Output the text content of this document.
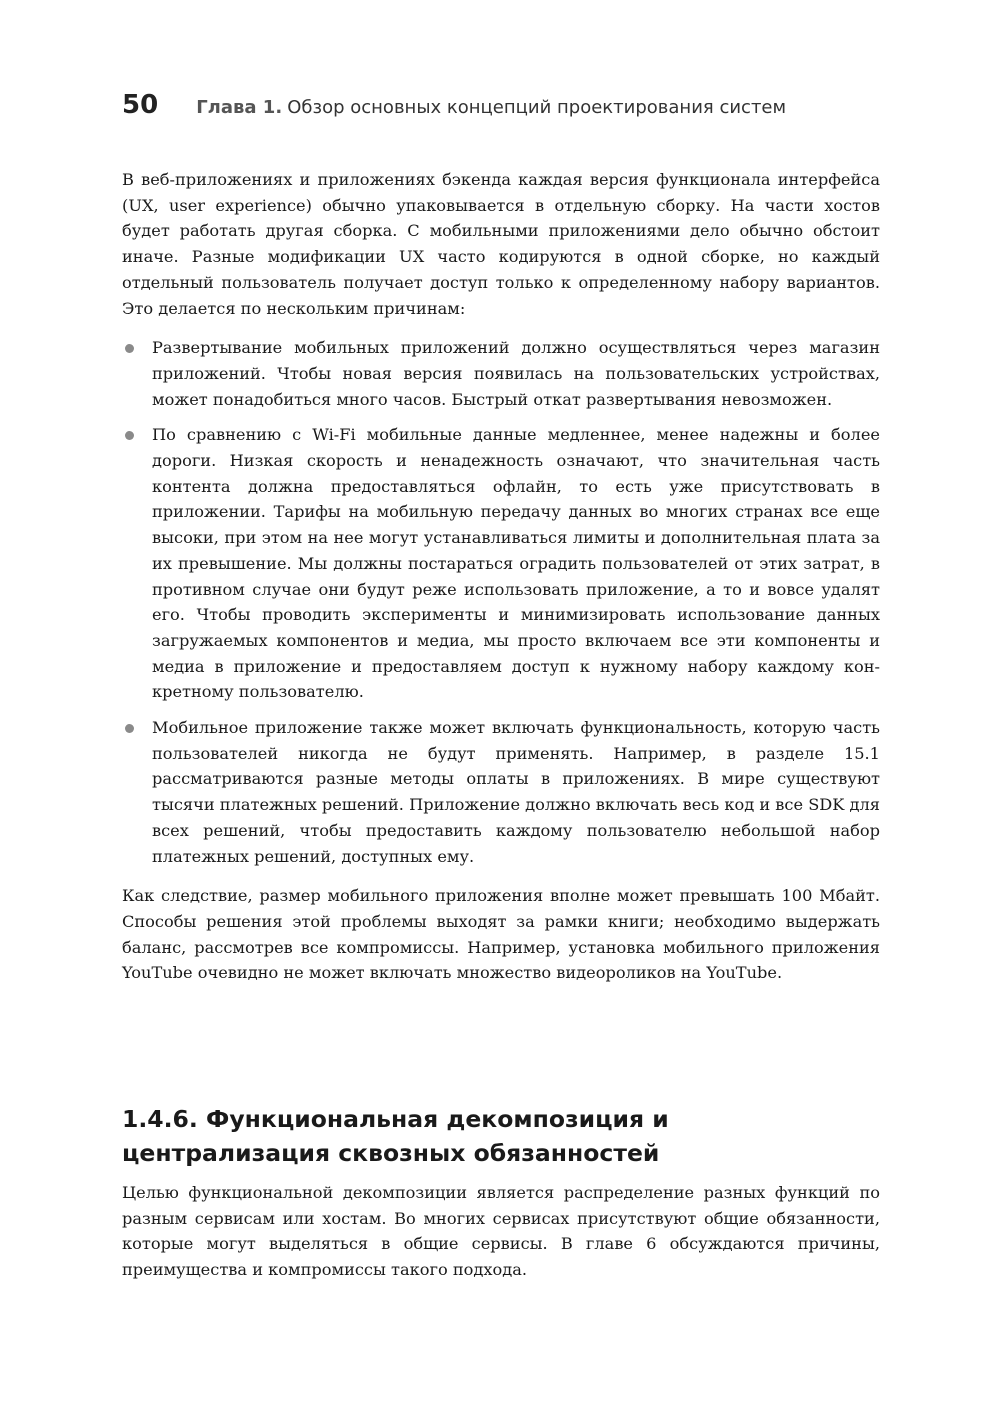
50 Глава 1. Обзор основных концепций проектирования систем

В веб-приложениях и приложениях бэкенда каждая версия функционала интерфейса (UX, user experience) обычно упаковывается в отдельную сборку. На части хостов будет работать другая сборка. С мобильными приложениями дело обычно обстоит иначе. Разные модификации UX часто кодируются в одной сборке, но каждый отдельный пользователь получает доступ только к определенному набору вариантов. Это делается по нескольким причинам:

Развертывание мобильных приложений должно осуществляться через магазин приложений. Чтобы новая версия появилась на пользовательских устройствах, может понадобиться много часов. Быстрый откат развертывания невозможен.
По сравнению с Wi-Fi мобильные данные медленнее, менее надежны и более дороги. Низкая скорость и ненадежность означают, что значительная часть контента должна предоставляться офлайн, то есть уже присутствовать в приложении. Тарифы на мобильную передачу данных во многих странах все еще высоки, при этом на нее могут устанавливаться лимиты и дополнительная плата за их превышение. Мы должны постараться оградить пользователей от этих затрат, в противном случае они будут реже использовать приложение, а то и вовсе удалят его. Чтобы проводить эксперименты и минимизировать использование данных загружаемых компонентов и медиа, мы просто включаем все эти компоненты и медиа в приложение и предоставляем доступ к нужному набору каждому конкретному пользователю.
Мобильное приложение также может включать функциональность, которую часть пользователей никогда не будут применять. Например, в разделе 15.1 рассматриваются разные методы оплаты в приложениях. В мире существуют тысячи платежных решений. Приложение должно включать весь код и все SDK для всех решений, чтобы предоставить каждому пользователю небольшой набор платежных решений, доступных ему.

Как следствие, размер мобильного приложения вполне может превышать 100 Мбайт. Способы решения этой проблемы выходят за рамки книги; необходимо выдержать баланс, рассмотрев все компромиссы. Например, установка мобильного приложения YouTube очевидно не может включать множество видеороликов на YouTube.

1.4.6. Функциональная декомпозиция и централизация сквозных обязанностей

Целью функциональной декомпозиции является распределение разных функций по разным сервисам или хостам. Во многих сервисах присутствуют общие обязанности, которые могут выделяться в общие сервисы. В главе 6 обсуждаются причины, преимущества и компромиссы такого подхода.
